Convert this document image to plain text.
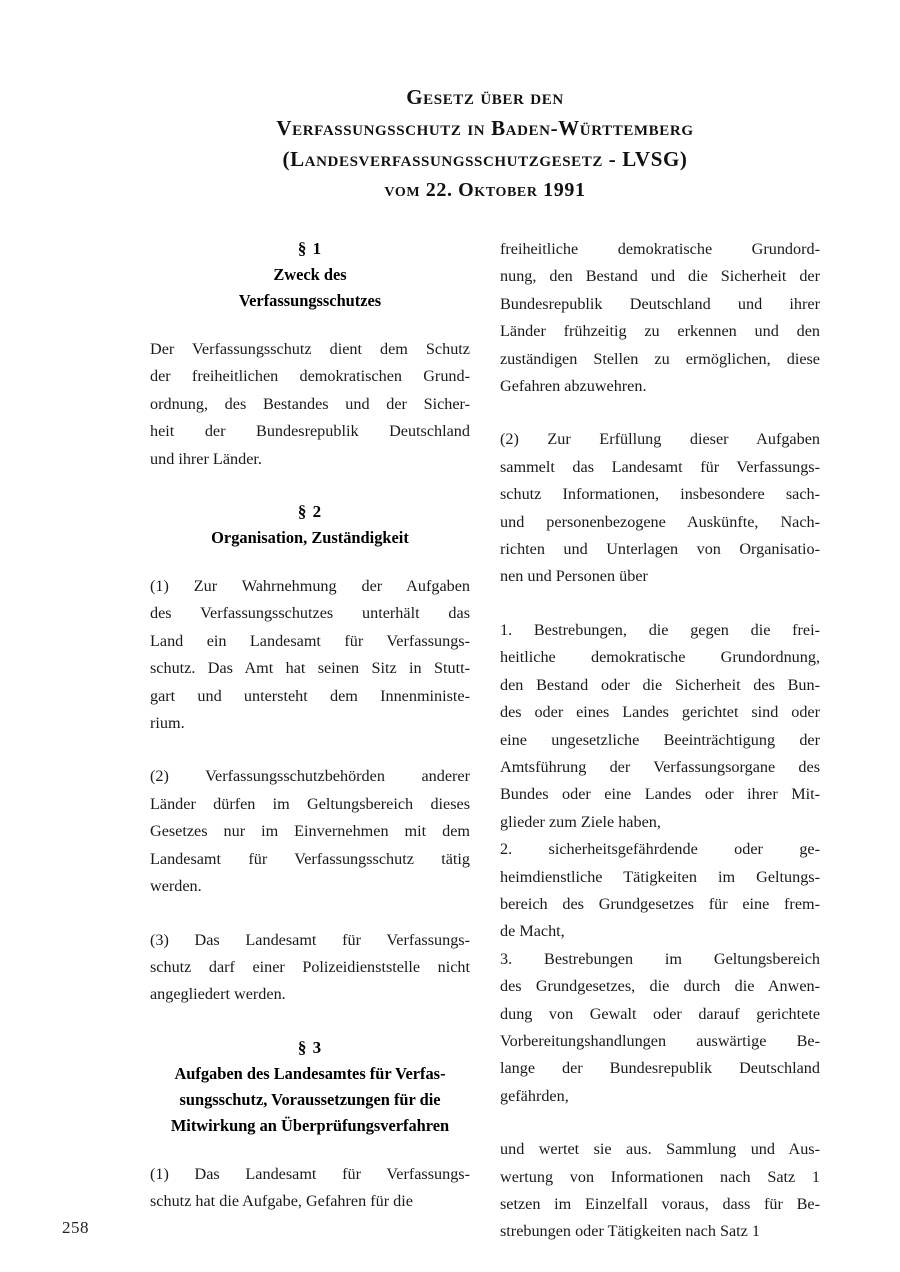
Gesetz über den
Verfassungsschutz in Baden-Württemberg
(Landesverfassungsschutzgesetz - LVSG)
vom 22. Oktober 1991
§ 1
Zweck des
Verfassungsschutzes

Der Verfassungsschutz dient dem Schutz
der freiheitlichen demokratischen Grund-
ordnung, des Bestandes und der Sicher-
heit der Bundesrepublik Deutschland
und ihrer Länder.

§ 2
Organisation, Zuständigkeit

(1) Zur Wahrnehmung der Aufgaben
des Verfassungsschutzes unterhält das
Land ein Landesamt für Verfassungs-
schutz. Das Amt hat seinen Sitz in Stutt-
gart und untersteht dem Innenministe-
rium.

(2) Verfassungsschutzbehörden anderer
Länder dürfen im Geltungsbereich dieses
Gesetzes nur im Einvernehmen mit dem
Landesamt für Verfassungsschutz tätig
werden.

(3) Das Landesamt für Verfassungs-
schutz darf einer Polizeidienststelle nicht
angegliedert werden.

§ 3
Aufgaben des Landesamtes für Verfas-
sungsschutz, Voraussetzungen für die
Mitwirkung an Überprüfungsverfahren

(1) Das Landesamt für Verfassungs-
schutz hat die Aufgabe, Gefahren für die

freiheitliche demokratische Grundord-
nung, den Bestand und die Sicherheit der
Bundesrepublik Deutschland und ihrer
Länder frühzeitig zu erkennen und den
zuständigen Stellen zu ermöglichen, diese
Gefahren abzuwehren.

(2) Zur Erfüllung dieser Aufgaben
sammelt das Landesamt für Verfassungs-
schutz Informationen, insbesondere sach-
und personenbezogene Auskünfte, Nach-
richten und Unterlagen von Organisatio-
nen und Personen über

1. Bestrebungen, die gegen die frei-
heitliche demokratische Grundordnung,
den Bestand oder die Sicherheit des Bun-
des oder eines Landes gerichtet sind oder
eine ungesetzliche Beeinträchtigung der
Amtsführung der Verfassungsorgane des
Bundes oder eine Landes oder ihrer Mit-
glieder zum Ziele haben,

2. sicherheitsgefährdende oder ge-
heimdienstliche Tätigkeiten im Geltungs-
bereich des Grundgesetzes für eine frem-
de Macht,

3. Bestrebungen im Geltungsbereich
des Grundgesetzes, die durch die Anwen-
dung von Gewalt oder darauf gerichtete
Vorbereitungshandlungen auswärtige Be-
lange der Bundesrepublik Deutschland
gefährden,

und wertet sie aus. Sammlung und Aus-
wertung von Informationen nach Satz 1
setzen im Einzelfall voraus, dass für Be-
strebungen oder Tätigkeiten nach Satz 1

258
